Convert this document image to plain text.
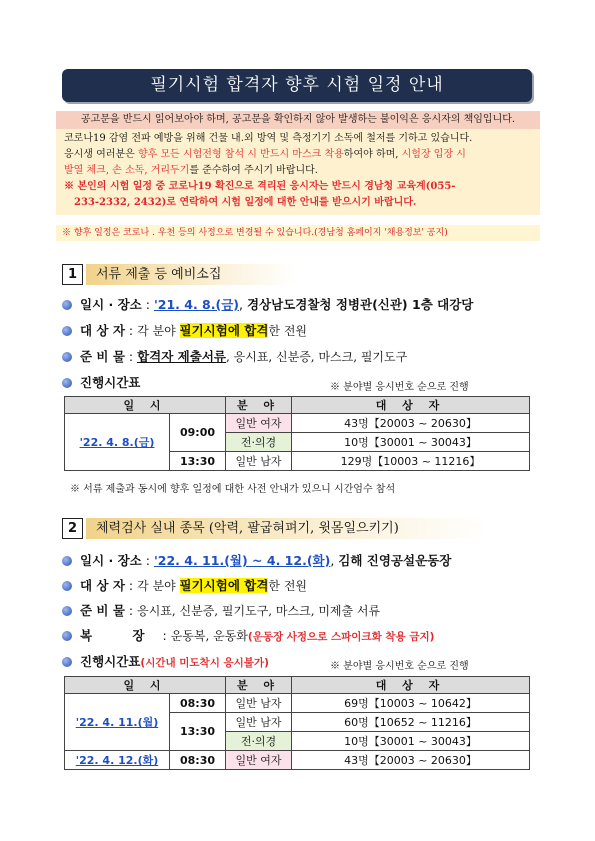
필기시험 합격자 향후 시험 일정 안내
공고문을 반드시 읽어보아야 하며, 공고문을 확인하지 않아 발생하는 불이익은 응시자의 책임입니다.
코로나19 감염 전파 예방을 위해 건물 내․외 방역 및 측정기기 소독에 철저를 기하고 있습니다.
응시생 여러분은 향후 모든 시험전형 참석 시 반드시 마스크 착용하여야 하며, 시험장 입장 시
발열 체크, 손 소독, 거리두기를 준수하여 주시기 바랍니다.
※ 본인의 시험 일정 중 코로나19 확진으로 격리된 응시자는 반드시 경남청 교육계(055-
233-2332, 2432)로 연락하여 시험 일정에 대한 안내를 받으시기 바랍니다.
※ 향후 일정은 코로나 ․ 우천 등의 사정으로 변경될 수 있습니다.(경남청 홈페이지 '채용정보' 공지)
1	서류 제출 등 예비소집
일시 · 장소 : '21. 4. 8.(금), 경상남도경찰청 정병관(신관) 1층 대강당
대 상 자 : 각 분야 필기시험에 합격한 전원
준 비 물 : 합격자 제출서류, 응시표, 신분증, 마스크, 필기도구
진행시간표	※ 분야별 응시번호 순으로 진행
일 시		분 야	대 상 자
'22. 4. 8.(금)	09:00	일반 여자	43명【20003 ~ 20630】
		전·의경	10명【30001 ~ 30043】
	13:30	일반 남자	129명【10003 ~ 11216】
※ 서류 제출과 동시에 향후 일정에 대한 사전 안내가 있으니 시간엄수 참석
2	체력검사 실내 종목 (악력, 팔굽혀펴기, 윗몸일으키기)
일시 · 장소 : '22. 4. 11.(월) ~ 4. 12.(화), 김해 진영공설운동장
대 상 자 : 각 분야 필기시험에 합격한 전원
준 비 물 : 응시표, 신분증, 필기도구, 마스크, 미제출 서류
복 장: 운동복, 운동화(운동장 사정으로 스파이크화 착용 금지)
진행시간표(시간내 미도착시 응시불가)	※ 분야별 응시번호 순으로 진행
일 시		분 야	대 상 자
'22. 4. 11.(월)	08:30	일반 남자	69명【10003 ~ 10642】
	13:30	일반 남자	60명【10652 ~ 11216】
		전·의경	10명【30001 ~ 30043】
'22. 4. 12.(화)	08:30	일반 여자	43명【20003 ~ 20630】
